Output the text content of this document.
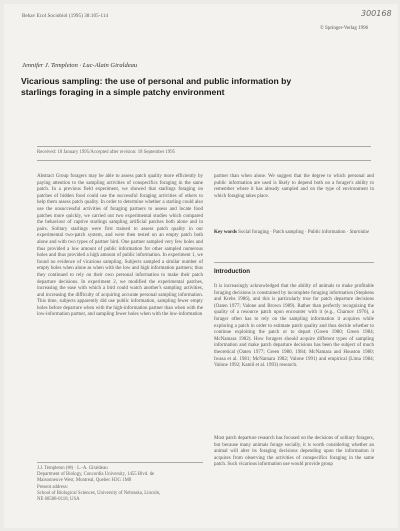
Behav Ecol Sociobiol (1995) 38:105-114
© Springer-Verlag 1996
300168
Jennifer J. Templeton · Luc-Alain Giraldeau
Vicarious sampling: the use of personal and public information by starlings foraging in a simple patchy environment
Received: 18 January 1995/Accepted after revision: 18 September 1995
Abstract Group foragers may be able to assess patch quality more efficiently by paying attention to the sampling activities of conspecifics foraging in the same patch. In a previous field experiment, we showed that starlings foraging on patches of hidden food could use the successful foraging activities of others to help them assess patch quality. In order to determine whether a starling could also use the unsuccessful activities of foraging partners to assess and locate food patches more quickly, we carried out two experimental studies which compared the behaviour of captive starlings sampling artificial patches both alone and in pairs. Solitary starlings were first trained to assess patch quality in our experimental two-patch system, and were then tested on an empty patch both alone and with two types of partner bird. One partner sampled very few holes and thus provided a low amount of public information for other sampled numerous holes and thus provided a high amount of public information. In experiment 1, we found no evidence of vicarious sampling. Subjects sampled a similar number of empty holes when alone as when with the low and high information partners; thus they continued to rely on their own personal information to make their patch departure decisions. In experiment 2, we modified the experimental patches, increasing the ease with which a bird could watch another's sampling activities, and increasing the difficulty of acquiring accurate personal sampling information. This time, subjects apparently did use public information, sampling fewer empty holes before departure when with the high-information partner than when with the low-information partner, and sampling fewer holes when with the low-information
partner than when alone. We suggest that the degree to which personal and public information are used is likely to depend both on a forager's ability to remember where it has already sampled and on the type of environment in which foraging takes place.
Key words Social foraging · Patch sampling · Public information · Sturnidae
Introduction
It is increasingly acknowledged that the ability of animals to make profitable foraging decisions is constrained by incomplete foraging information (Stephens and Krebs 1986), and this is particularly true for patch departure decisions (Oaten 1977; Valone and Brown 1989). Rather than perfectly recognizing the quality of a resource patch upon encounter with it (e.g., Charnov 1976), a forager often has to rely on the sampling information it acquires while exploring a patch in order to estimate patch quality and thus decide whether to continue exploiting the patch or to depart (Green 1980; Green 1984; McNamara 1982). How foragers should acquire different types of sampling information and make patch departure decisions has been the subject of much theoretical (Oaten 1977; Green 1980, 1984; McNamara and Houston 1980; Iwasa et al. 1981; McNamara 1982; Valone 1991) and empirical (Lima 1984; Valone 1992; Kamil et al. 1993) research.
Most patch departure research has focused on the decisions of solitary foragers, but because many animals forage socially, it is worth considering whether an animal will alter its foraging decisions depending upon the information it acquires from observing the activities of conspecifics foraging in the same patch. Such vicarious information use would provide group
J.J. Templeton (✉) · L.-A. Giraldeau
Department of Biology, Concordia University, 1455 Blvd. de
Maisonneuve West, Montreal, Quebec H3G 1M8
Present address:
School of Biological Sciences, University of Nebraska, Lincoln,
NE 68588-0118, USA
